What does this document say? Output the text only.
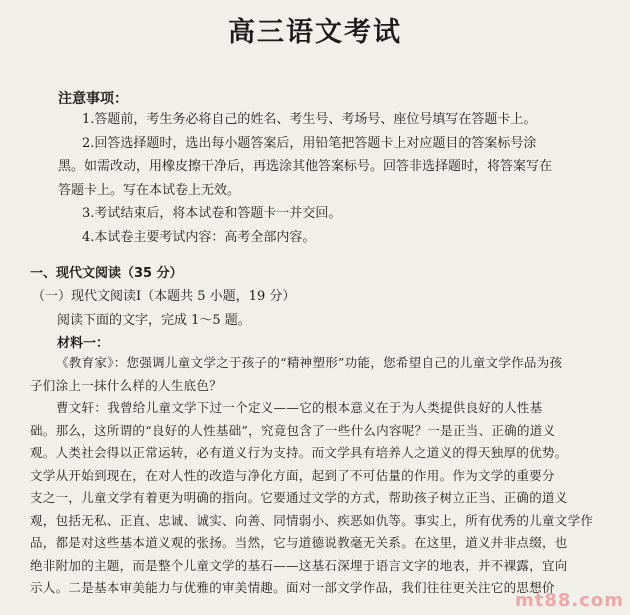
高三语文考试
注意事项：

1.答题前，考生务必将自己的姓名、考生号、考场号、座位号填写在答题卡上。

2.回答选择题时，选出每小题答案后，用铅笔把答题卡上对应题目的答案标号涂

黑。如需改动，用橡皮擦干净后，再选涂其他答案标号。回答非选择题时，将答案写在

答题卡上。写在本试卷上无效。

3.考试结束后，将本试卷和答题卡一并交回。

4.本试卷主要考试内容：高考全部内容。

一、现代文阅读（35 分）
（一）现代文阅读Ⅰ（本题共 5 小题，19 分）
阅读下面的文字，完成 1～5 题。
材料一：

《教育家》：您强调儿童文学之于孩子的“精神塑形”功能，您希望自己的儿童文学作品为孩

子们涂上一抹什么样的人生底色？

曹文轩：我曾给儿童文学下过一个定义——它的根本意义在于为人类提供良好的人性基

础。那么，这所谓的“良好的人性基础”，究竟包含了一些什么内容呢？一是正当、正确的道义

观。人类社会得以正常运转，必有道义行为支持。而文学具有培养人之道义的得天独厚的优势。

文学从开始到现在，在对人性的改造与净化方面，起到了不可估量的作用。作为文学的重要分

支之一，儿童文学有着更为明确的指向。它要通过文学的方式，帮助孩子树立正当、正确的道义

观，包括无私、正直、忠诚、诚实、向善、同情弱小、疾恶如仇等。事实上，所有优秀的儿童文学作

品，都是对这些基本道义观的张扬。当然，它与道德说教毫无关系。在这里，道义并非点缀，也

绝非附加的主题，而是整个儿童文学的基石——这基石深埋于语言文字的地表，并不裸露，宜向

示人。二是基本审美能力与优雅的审美情趣。面对一部文学作品，我们往往更关注它的思想价

mt88.com
